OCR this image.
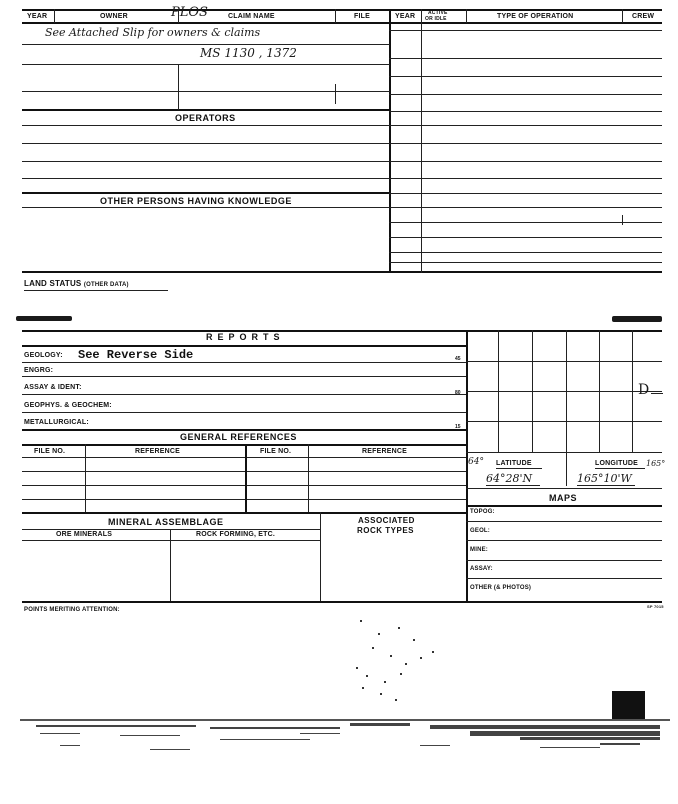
YEAR	OWNER	PLOS	CLAIM NAME	FILE	YEAR	ACTIVE
OR IDLE	TYPE OF OPERATION	CREW
See Attached Slip for owners & claims
MS 1130 , 1372
OPERATORS
OTHER PERSONS HAVING KNOWLEDGE
LAND STATUS (OTHER DATA)
REPORTS
GEOLOGY: See Reverse Side	45
ENGRG:
ASSAY & IDENT:
80
GEOPHYS. & GEOCHEM:
METALLURGICAL:
15
GENERAL REFERENCES
FILE NO.	REFERENCE	FILE NO.	REFERENCE
MINERAL ASSEMBLAGE	ASSOCIATED
ROCK TYPES
ORE MINERALS	ROCK FORMING, ETC.
D
64° LATITUDE	LONGITUDE 165°
64°28'N	165°10'W
MAPS
TOPOG:
GEOL:
MINE:
ASSAY:
OTHER (& PHOTOS)
POINTS MERITING ATTENTION:
SP 7015
